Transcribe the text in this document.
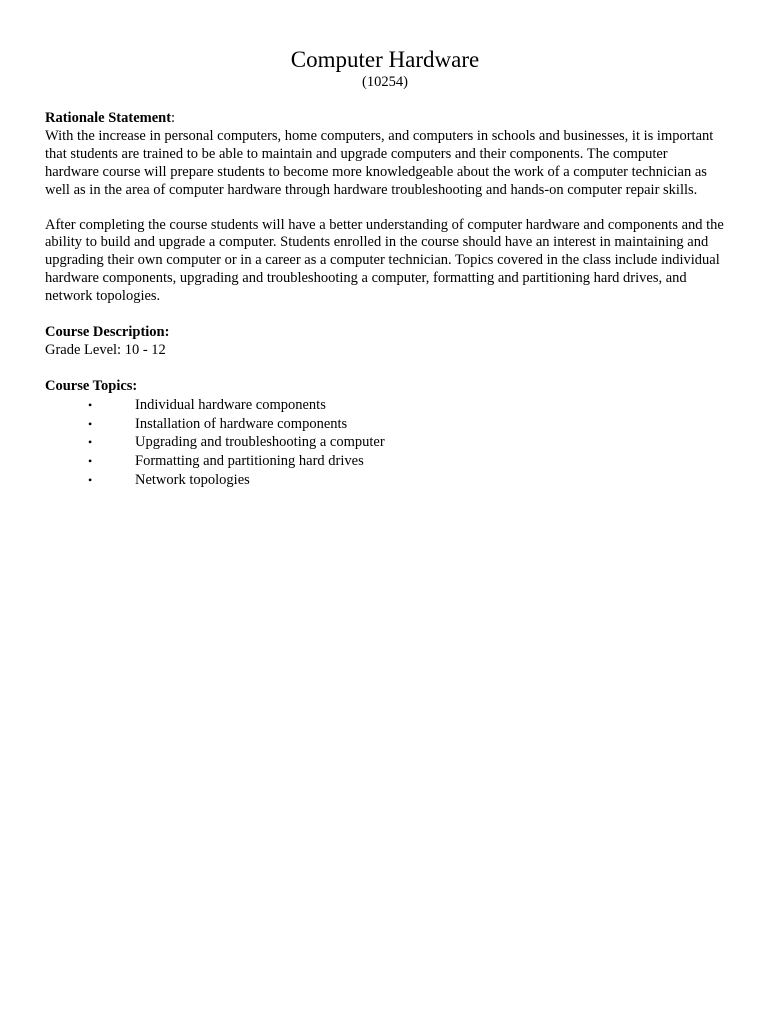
Computer Hardware

(10254)

Rationale Statement:

With the increase in personal computers, home computers, and computers in schools and businesses, it is important that students are trained to be able to maintain and upgrade computers and their components. The computer hardware course will prepare students to become more knowledgeable about the work of a computer technician as well as in the area of computer hardware through hardware troubleshooting and hands-on computer repair skills.

After completing the course students will have a better understanding of computer hardware and components and the ability to build and upgrade a computer. Students enrolled in the course should have an interest in maintaining and upgrading their own computer or in a career as a computer technician. Topics covered in the class include individual hardware components, upgrading and troubleshooting a computer, formatting and partitioning hard drives, and network topologies.

Course Description:

Grade Level: 10 - 12

Course Topics:
•	Individual hardware components
•	Installation of hardware components
•	Upgrading and troubleshooting a computer
•	Formatting and partitioning hard drives
•	Network topologies
